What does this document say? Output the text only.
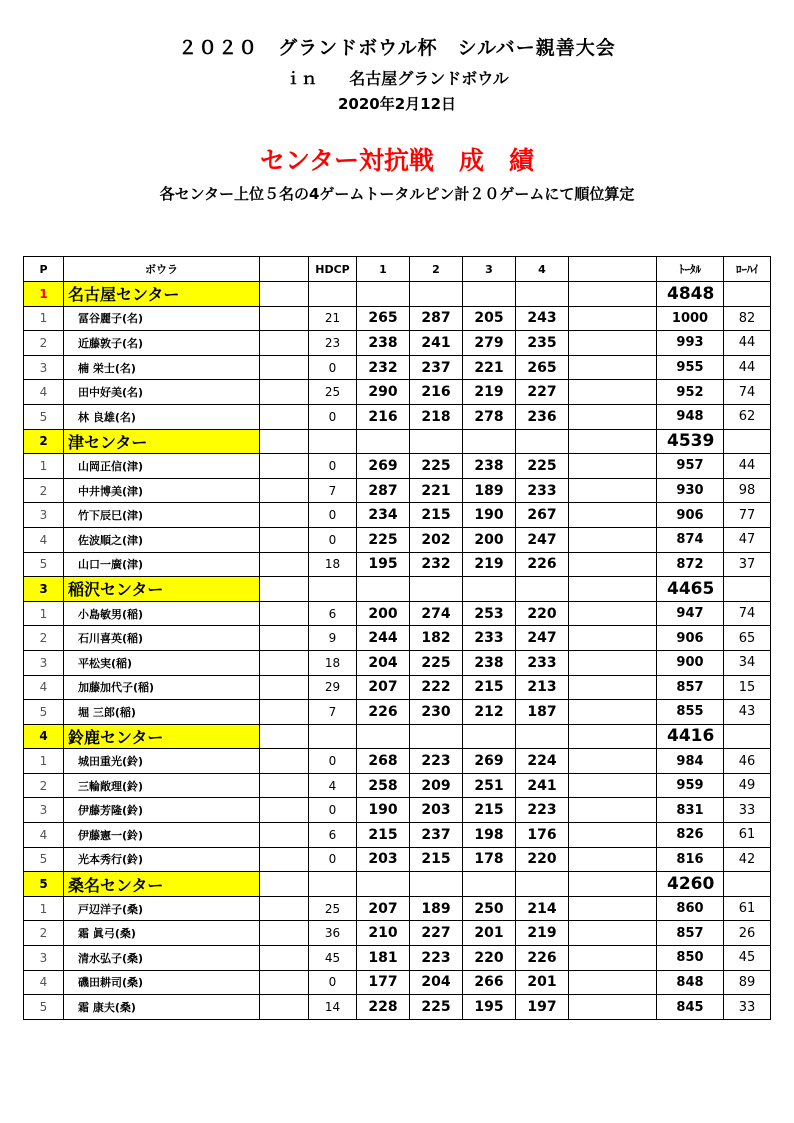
２０２０　グランドボウル杯　シルバー親善大会
ｉｎ　　名古屋グランドボウル
2020年2月12日
センター対抗戦　成　績
各センター上位５名の4ゲームトータルピン計２０ゲームにて順位算定
P	ボウラ		HDCP	1	2	3	4		ﾄｰﾀﾙ	ﾛｰﾊｲ
1	名古屋センター								4848	
1	冨谷麗子(名)		21	265	287	205	243		1000	82
2	近藤敦子(名)		23	238	241	279	235		993	44
3	楠 栄士(名)		0	232	237	221	265		955	44
4	田中好美(名)		25	290	216	219	227		952	74
5	林 良雄(名)		0	216	218	278	236		948	62
2	津センター								4539	
1	山岡正信(津)		0	269	225	238	225		957	44
2	中井博美(津)		7	287	221	189	233		930	98
3	竹下辰巳(津)		0	234	215	190	267		906	77
4	佐波順之(津)		0	225	202	200	247		874	47
5	山口一廣(津)		18	195	232	219	226		872	37
3	稲沢センター								4465	
1	小島敏男(稲)		6	200	274	253	220		947	74
2	石川喜英(稲)		9	244	182	233	247		906	65
3	平松実(稲)		18	204	225	238	233		900	34
4	加藤加代子(稲)		29	207	222	215	213		857	15
5	堀 三郎(稲)		7	226	230	212	187		855	43
4	鈴鹿センター								4416	
1	城田重光(鈴)		0	268	223	269	224		984	46
2	三輪敞理(鈴)		4	258	209	251	241		959	49
3	伊藤芳隆(鈴)		0	190	203	215	223		831	33
4	伊藤憲一(鈴)		6	215	237	198	176		826	61
5	光本秀行(鈴)		0	203	215	178	220		816	42
5	桑名センター								4260	
1	戸辺洋子(桑)		25	207	189	250	214		860	61
2	霜 眞弓(桑)		36	210	227	201	219		857	26
3	清水弘子(桑)		45	181	223	220	226		850	45
4	磯田耕司(桑)		0	177	204	266	201		848	89
5	霜 康夫(桑)		14	228	225	195	197		845	33
